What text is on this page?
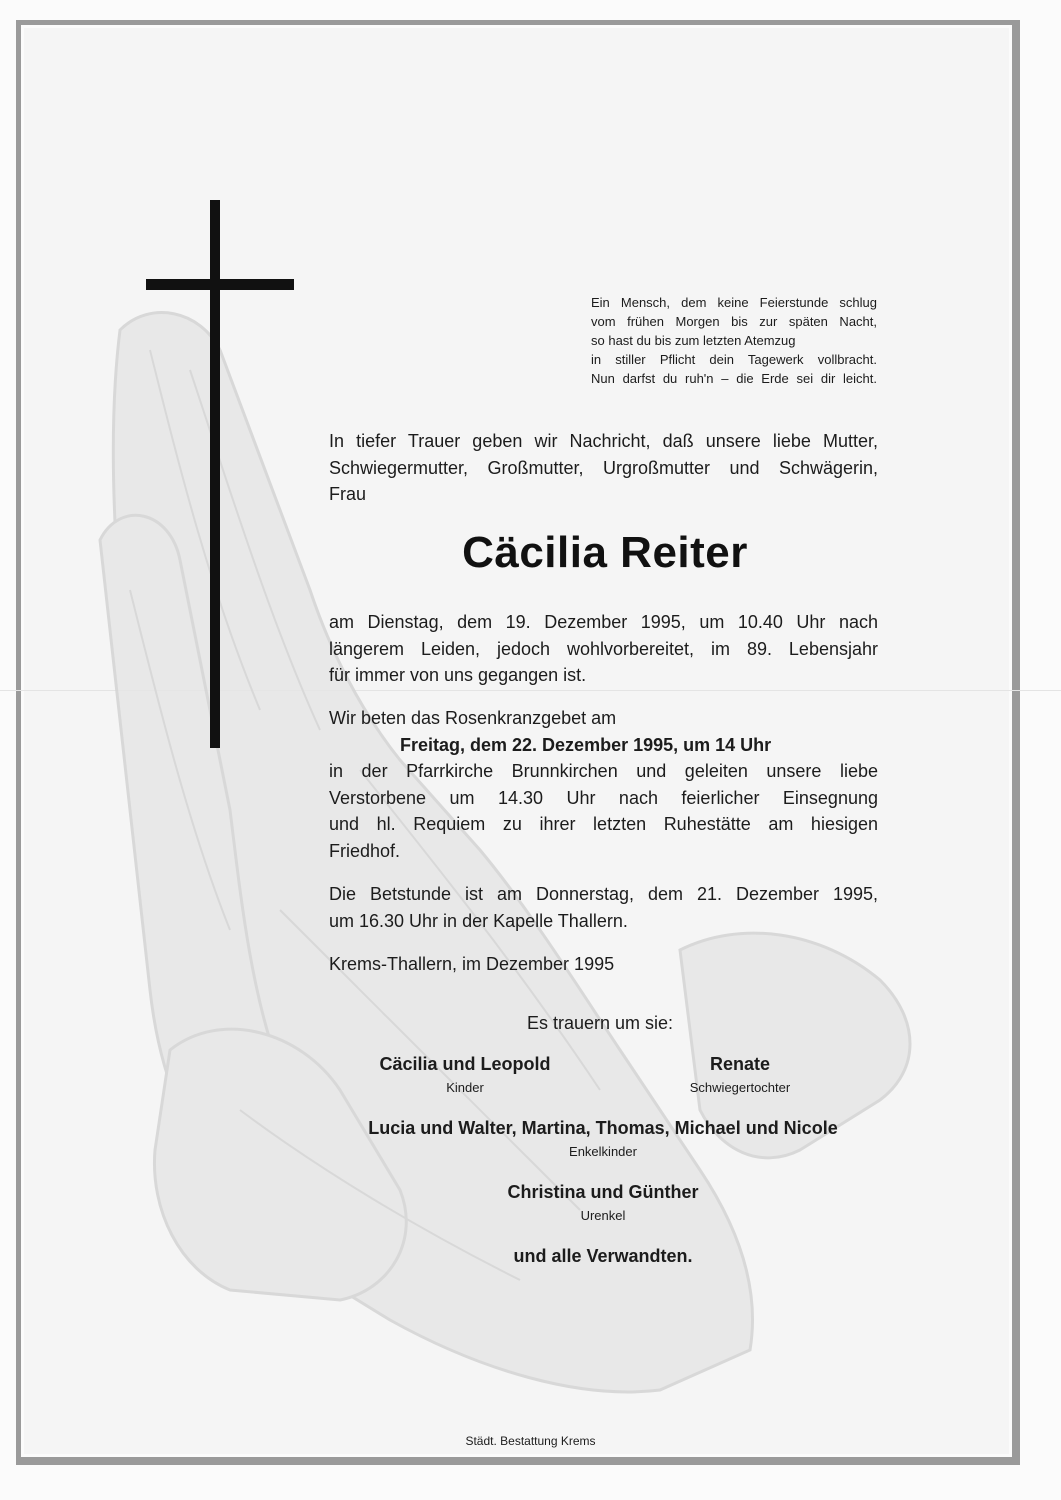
Ein Mensch, dem keine Feierstunde schlug
vom frühen Morgen bis zur späten Nacht,
so hast du bis zum letzten Atemzug
in stiller Pflicht dein Tagewerk vollbracht.
Nun darfst du ruh'n – die Erde sei dir leicht.
In tiefer Trauer geben wir Nachricht, daß unsere liebe Mutter,
Schwiegermutter, Großmutter, Urgroßmutter und Schwägerin,
Frau
Cäcilia Reiter
am Dienstag, dem 19. Dezember 1995, um 10.40 Uhr nach
längerem Leiden, jedoch wohlvorbereitet, im 89. Lebensjahr
für immer von uns gegangen ist.
Wir beten das Rosenkranzgebet am
Freitag, dem 22. Dezember 1995, um 14 Uhr
in der Pfarrkirche Brunnkirchen und geleiten unsere liebe
Verstorbene um 14.30 Uhr nach feierlicher Einsegnung
und hl. Requiem zu ihrer letzten Ruhestätte am hiesigen
Friedhof.
Die Betstunde ist am Donnerstag, dem 21. Dezember 1995,
um 16.30 Uhr in der Kapelle Thallern.
Krems-Thallern, im Dezember 1995
Es trauern um sie:
Cäcilia und Leopold
Kinder
Renate
Schwiegertochter
Lucia und Walter, Martina, Thomas, Michael und Nicole
Enkelkinder
Christina und Günther
Urenkel
und alle Verwandten.
Städt. Bestattung Krems
